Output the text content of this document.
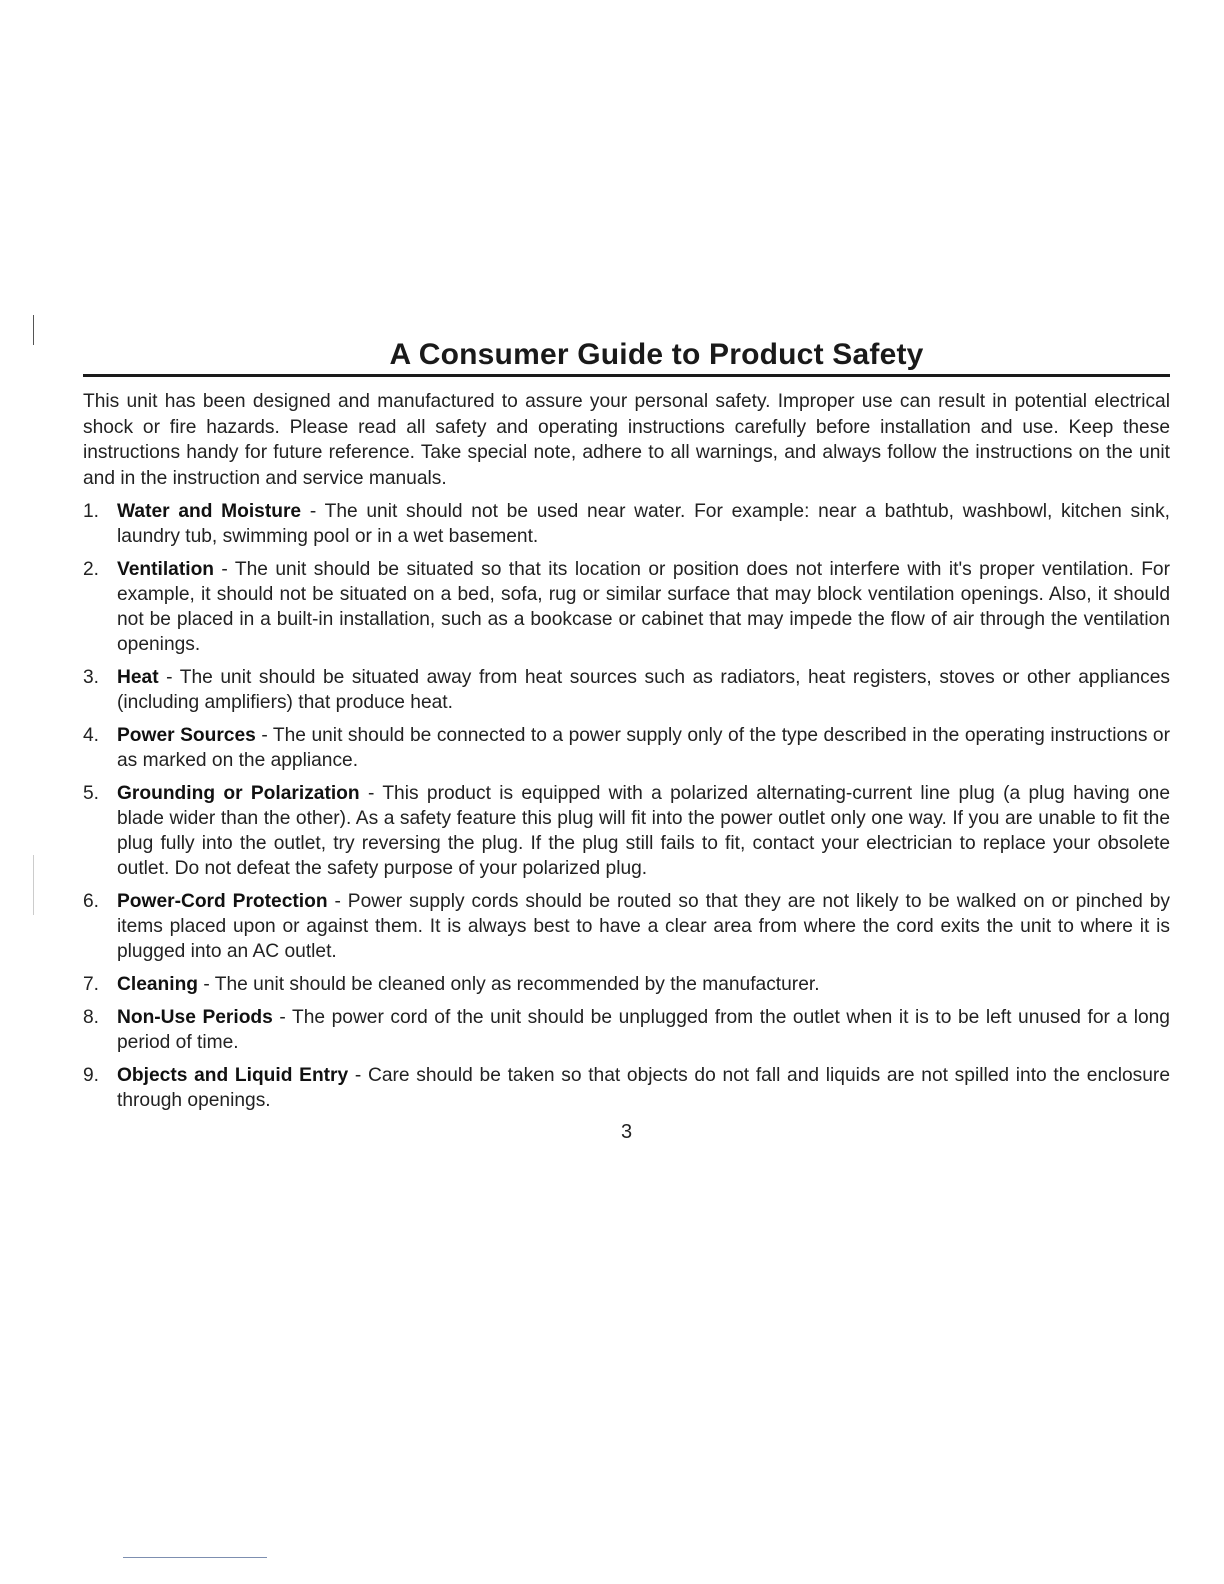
A Consumer Guide to Product Safety

This unit has been designed and manufactured to assure your personal safety. Improper use can result in potential electrical shock or fire hazards. Please read all safety and operating instructions carefully before installation and use. Keep these instructions handy for future reference. Take special note, adhere to all warnings, and always follow the instructions on the unit and in the instruction and service manuals.

1. Water and Moisture - The unit should not be used near water. For example: near a bathtub, washbowl, kitchen sink, laundry tub, swimming pool or in a wet basement.
2. Ventilation - The unit should be situated so that its location or position does not interfere with it's proper ventilation. For example, it should not be situated on a bed, sofa, rug or similar surface that may block ventilation openings. Also, it should not be placed in a built-in installation, such as a bookcase or cabinet that may impede the flow of air through the ventilation openings.
3. Heat - The unit should be situated away from heat sources such as radiators, heat registers, stoves or other appliances (including amplifiers) that produce heat.
4. Power Sources - The unit should be connected to a power supply only of the type described in the operating instructions or as marked on the appliance.
5. Grounding or Polarization - This product is equipped with a polarized alternating-current line plug (a plug having one blade wider than the other). As a safety feature this plug will fit into the power outlet only one way. If you are unable to fit the plug fully into the outlet, try reversing the plug. If the plug still fails to fit, contact your electrician to replace your obsolete outlet. Do not defeat the safety purpose of your polarized plug.
6. Power-Cord Protection - Power supply cords should be routed so that they are not likely to be walked on or pinched by items placed upon or against them. It is always best to have a clear area from where the cord exits the unit to where it is plugged into an AC outlet.
7. Cleaning - The unit should be cleaned only as recommended by the manufacturer.
8. Non-Use Periods - The power cord of the unit should be unplugged from the outlet when it is to be left unused for a long period of time.
9. Objects and Liquid Entry - Care should be taken so that objects do not fall and liquids are not spilled into the enclosure through openings.
3
